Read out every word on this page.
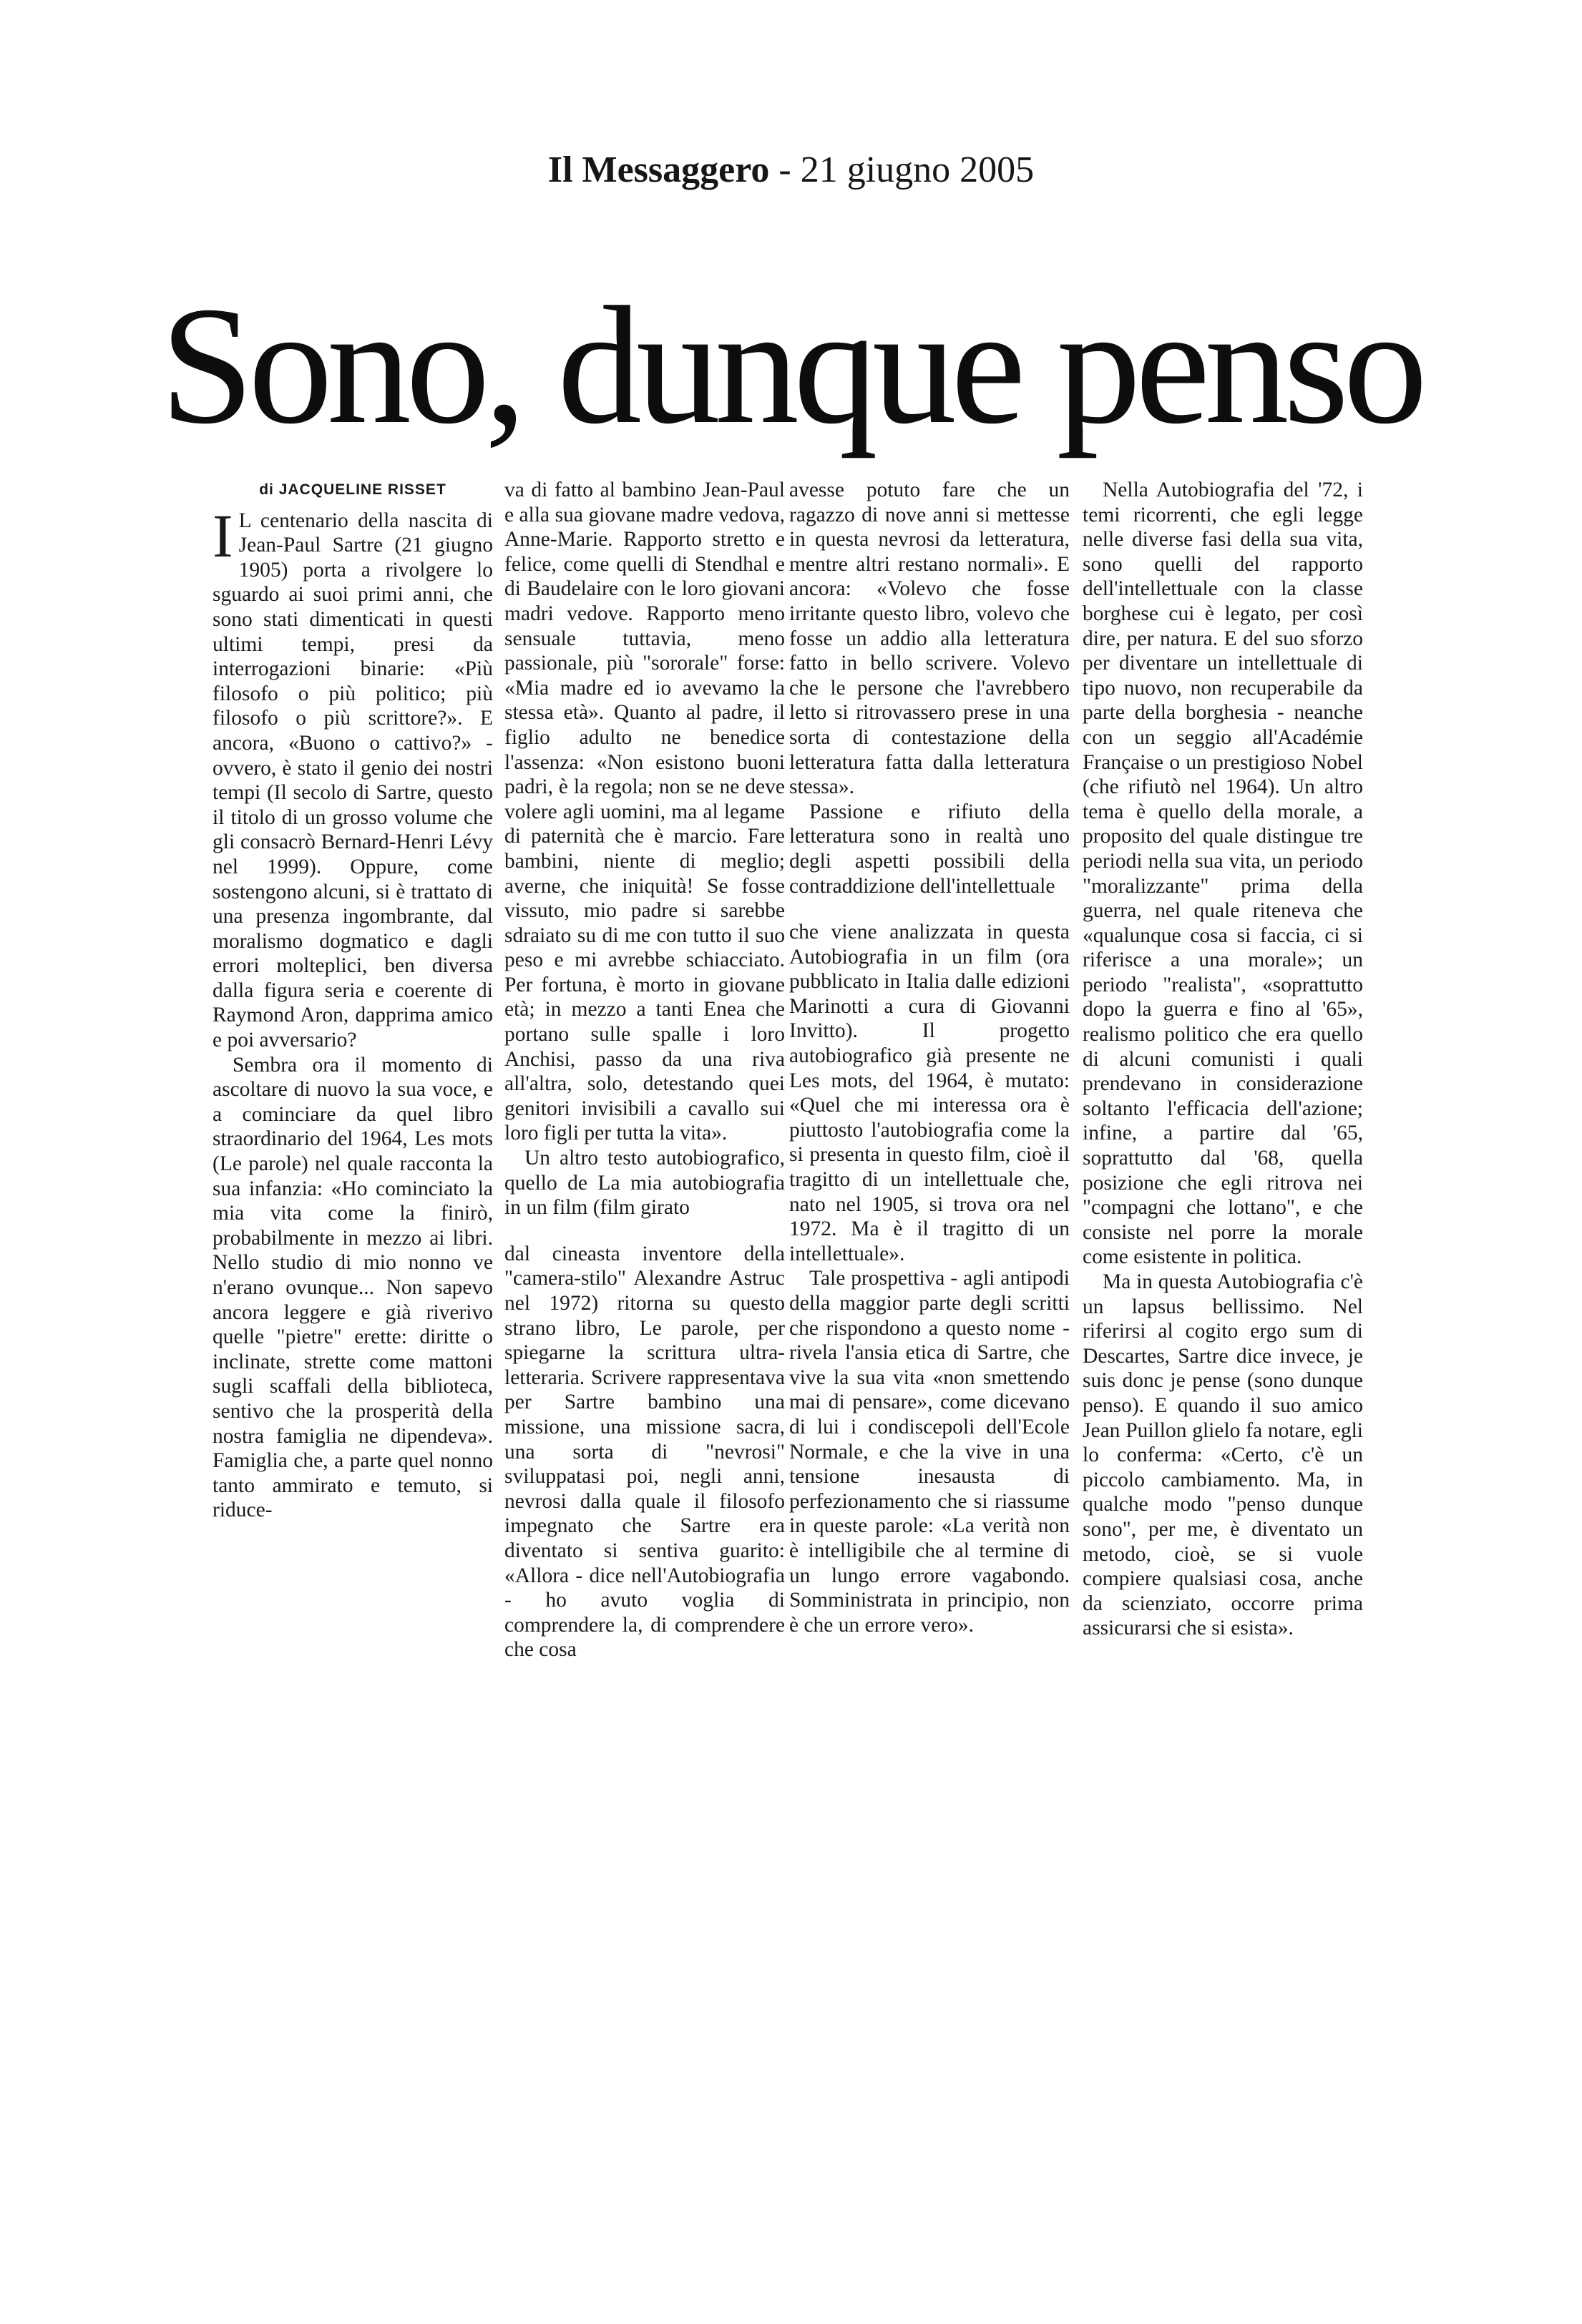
Il Messaggero - 21 giugno 2005
Sono, dunque penso
di JACQUELINE RISSET

I L centenario della nascita di Jean-Paul Sartre (21 giugno 1905) porta a rivolgere lo sguardo ai suoi primi anni, che sono stati dimenticati in questi ultimi tempi, presi da interrogazioni binarie: «Più filosofo o più politico; più filosofo o più scrittore?». E ancora, «Buono o cattivo?» - ovvero, è stato il genio dei nostri tempi (Il secolo di Sartre, questo il titolo di un grosso volume che gli consacrò Bernard-Henri Lévy nel 1999). Oppure, come sostengono alcuni, si è trattato di una presenza ingombrante, dal moralismo dogmatico e dagli errori molteplici, ben diversa dalla figura seria e coerente di Raymond Aron, dapprima amico e poi avversario?

Sembra ora il momento di ascoltare di nuovo la sua voce, e a cominciare da quel libro straordinario del 1964, Les mots (Le parole) nel quale racconta la sua infanzia: «Ho cominciato la mia vita come la finirò, probabilmente in mezzo ai libri. Nello studio di mio nonno ve n'erano ovunque... Non sapevo ancora leggere e già riverivo quelle "pietre" erette: diritte o inclinate, strette come mattoni sugli scaffali della biblioteca, sentivo che la prosperità della nostra famiglia ne dipendeva». Famiglia che, a parte quel nonno tanto ammirato e temuto, si riduce-

va di fatto al bambino Jean-Paul e alla sua giovane madre vedova, Anne-Marie. Rapporto stretto e felice, come quelli di Stendhal e di Baudelaire con le loro giovani madri vedove. Rapporto meno sensuale tuttavia, meno passionale, più "sororale" forse: «Mia madre ed io avevamo la stessa età». Quanto al padre, il figlio adulto ne benedice l'assenza: «Non esistono buoni padri, è la regola; non se ne deve volere agli uomini, ma al legame di paternità che è marcio. Fare bambini, niente di meglio; averne, che iniquità! Se fosse vissuto, mio padre si sarebbe sdraiato su di me con tutto il suo peso e mi avrebbe schiacciato. Per fortuna, è morto in giovane età; in mezzo a tanti Enea che portano sulle spalle i loro Anchisi, passo da una riva all'altra, solo, detestando quei genitori invisibili a cavallo sui loro figli per tutta la vita».

Un altro testo autobiografico, quello de La mia autobiografia in un film (film girato

dal cineasta inventore della "camera-stilo" Alexandre Astruc nel 1972) ritorna su questo strano libro, Le parole, per spiegarne la scrittura ultra-letteraria. Scrivere rappresentava per Sartre bambino una missione, una missione sacra, una sorta di "nevrosi" sviluppatasi poi, negli anni, nevrosi dalla quale il filosofo impegnato che Sartre era diventato si sentiva guarito: «Allora - dice nell'Autobiografia - ho avuto voglia di comprendere la, di comprendere che cosa

avesse potuto fare che un ragazzo di nove anni si mettesse in questa nevrosi da letteratura, mentre altri restano normali». E ancora: «Volevo che fosse irritante questo libro, volevo che fosse un addio alla letteratura fatto in bello scrivere. Volevo che le persone che l'avrebbero letto si ritrovassero prese in una sorta di contestazione della letteratura fatta dalla letteratura stessa».

Passione e rifiuto della letteratura sono in realtà uno degli aspetti possibili della contraddizione dell'intellettuale

che viene analizzata in questa Autobiografia in un film (ora pubblicato in Italia dalle edizioni Marinotti a cura di Giovanni Invitto). Il progetto autobiografico già presente ne Les mots, del 1964, è mutato: «Quel che mi interessa ora è piuttosto l'autobiografia come la si presenta in questo film, cioè il tragitto di un intellettuale che, nato nel 1905, si trova ora nel 1972. Ma è il tragitto di un intellettuale».

Tale prospettiva - agli antipodi della maggior parte degli scritti che rispondono a questo nome - rivela l'ansia etica di Sartre, che vive la sua vita «non smettendo mai di pensare», come dicevano di lui i condiscepoli dell'Ecole Normale, e che la vive in una tensione inesausta di perfezionamento che si riassume in queste parole: «La verità non è intelligibile che al termine di un lungo errore vagabondo. Somministrata in principio, non è che un errore vero».

Nella Autobiografia del '72, i temi ricorrenti, che egli legge nelle diverse fasi della sua vita, sono quelli del rapporto dell'intellettuale con la classe borghese cui è legato, per così dire, per natura. E del suo sforzo per diventare un intellettuale di tipo nuovo, non recuperabile da parte della borghesia - neanche con un seggio all'Académie Française o un prestigioso Nobel (che rifiutò nel 1964). Un altro tema è quello della morale, a proposito del quale distingue tre periodi nella sua vita, un periodo "moralizzante" prima della guerra, nel quale riteneva che «qualunque cosa si faccia, ci si riferisce a una morale»; un periodo "realista", «soprattutto dopo la guerra e fino al '65», realismo politico che era quello di alcuni comunisti i quali prendevano in considerazione soltanto l'efficacia dell'azione; infine, a partire dal '65, soprattutto dal '68, quella posizione che egli ritrova nei "compagni che lottano", e che consiste nel porre la morale come esistente in politica.

Ma in questa Autobiografia c'è un lapsus bellissimo. Nel riferirsi al cogito ergo sum di Descartes, Sartre dice invece, je suis donc je pense (sono dunque penso). E quando il suo amico Jean Puillon glielo fa notare, egli lo conferma: «Certo, c'è un piccolo cambiamento. Ma, in qualche modo "penso dunque sono", per me, è diventato un metodo, cioè, se si vuole compiere qualsiasi cosa, anche da scienziato, occorre prima assicurarsi che si esista».
